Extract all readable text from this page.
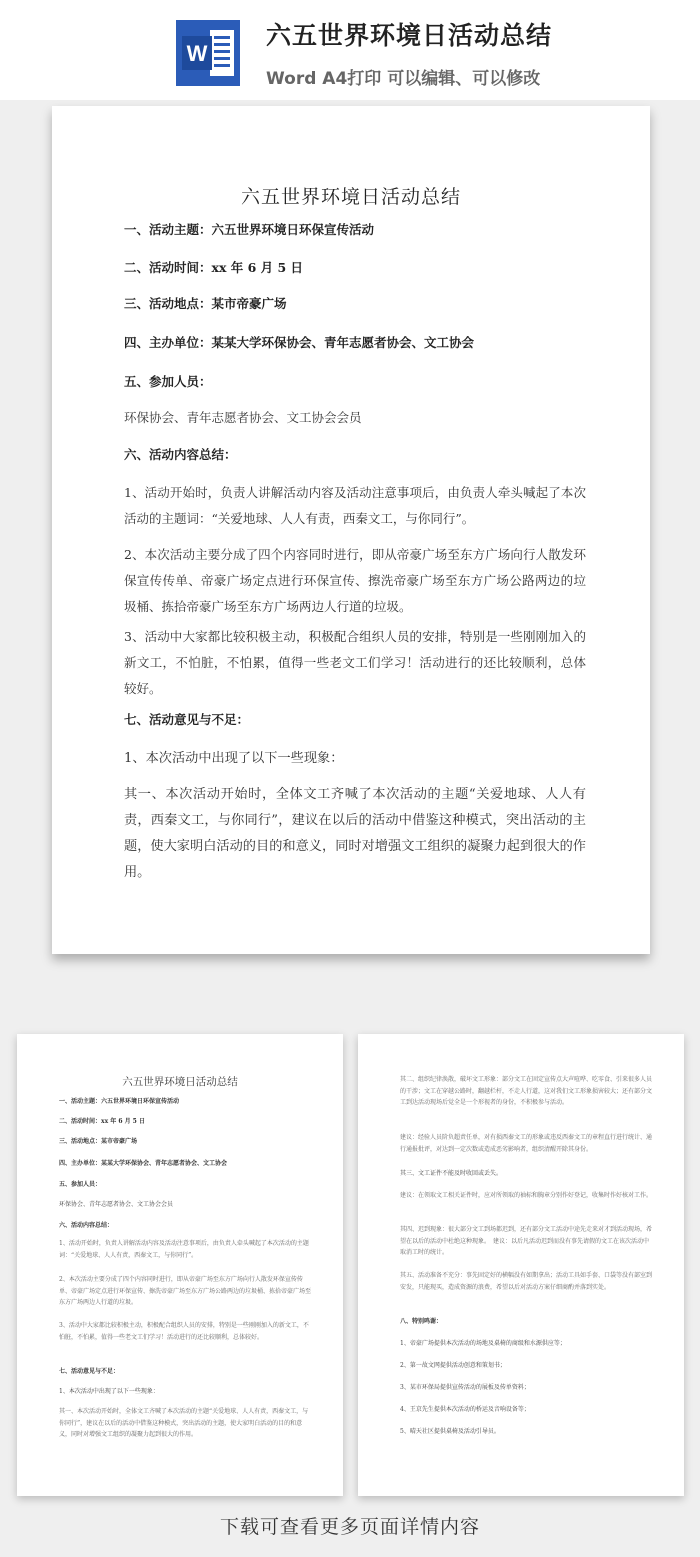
W
六五世界环境日活动总结
Word A4打印 可以编辑、可以修改
六五世界环境日活动总结
一、活动主题：六五世界环境日环保宣传活动
二、活动时间：xx 年 6 月 5 日
三、活动地点：某市帝豪广场
四、主办单位：某某大学环保协会、青年志愿者协会、文工协会
五、参加人员：
环保协会、青年志愿者协会、文工协会会员
六、活动内容总结：
1、活动开始时，负责人讲解活动内容及活动注意事项后，由负责人牵头喊起了本次活动的主题词：“关爱地球、人人有责，西秦文工，与你同行”。
2、本次活动主要分成了四个内容同时进行，即从帝豪广场至东方广场向行人散发环保宣传传单、帝豪广场定点进行环保宣传、擦洗帝豪广场至东方广场公路两边的垃圾桶、拣拾帝豪广场至东方广场两边人行道的垃圾。
3、活动中大家都比较积极主动，积极配合组织人员的安排，特别是一些刚刚加入的新文工，不怕脏，不怕累，值得一些老文工们学习！活动进行的还比较顺利，总体较好。
七、活动意见与不足：
1、本次活动中出现了以下一些现象：
其一、本次活动开始时，全体文工齐喊了本次活动的主题“关爱地球、人人有责，西秦文工，与你同行”，建议在以后的活动中借鉴这种模式，突出活动的主题，使大家明白活动的目的和意义，同时对增强文工组织的凝聚力起到很大的作用。
六五世界环境日活动总结
一、活动主题：六五世界环境日环保宣传活动
二、活动时间：xx 年 6 月 5 日
三、活动地点：某市帝豪广场
四、主办单位：某某大学环保协会、青年志愿者协会、文工协会
五、参加人员：
环保协会、青年志愿者协会、文工协会会员
六、活动内容总结：
1、活动开始时，负责人讲解活动内容及活动注意事项后，由负责人牵头喊起了本次活动的主题词：“关爱地球、人人有责，西秦文工，与你同行”。
2、本次活动主要分成了四个内容同时进行，即从帝豪广场至东方广场向行人散发环保宣传传单、帝豪广场定点进行环保宣传、擦洗帝豪广场至东方广场公路两边的垃圾桶、拣拾帝豪广场至东方广场两边人行道的垃圾。
3、活动中大家都比较积极主动，积极配合组织人员的安排，特别是一些刚刚加入的新文工，不怕脏，不怕累，值得一些老文工们学习！活动进行的还比较顺利，总体较好。
七、活动意见与不足：
1、本次活动中出现了以下一些现象：
其一、本次活动开始时，全体文工齐喊了本次活动的主题“关爱地球、人人有责，西秦文工，与你同行”，建议在以后的活动中借鉴这种模式，突出活动的主题，使大家明白活动的目的和意义，同时对增强文工组织的凝聚力起到很大的作用。
其二、组织纪律涣散，破坏文工形象：部分文工在固定宣传点大声喧哗、吃零食、引来很多人员的干涉；文工在穿越公路时，翻越栏杆，不走人行道，这对我们文工形象损害较大；还有部分文工到达活动现场后觉全是一个形视者的身份，不积极参与活动。
建议：经验人员阶负超责任单，对有损西秦文工的形象或违反西秦文工的章程直行进行统计、通行通报批评，对达到一定次数或造成恶劣影响者，组织清醒开除其身份。
其三、文工证件不能及时收回或丢失。
建议：在领取文工相关证件时，应对所领取的袖标和胸章分别作好登记，收集时作好核对工作。
其四、迟到现象：很大部分文工到场都迟到，还有部分文工活动中途先走来对才到活动现场，希望在以后的活动中杜绝这种现象。　建议：以后凡活动迟到而没有事先请假的文工在该次活动中取消工时的统计。
其五、活动准备不充分：事先固定好的横幅没有如期拿出；活动工具如手套、口袋等没有部室到安发，只能现买，造成资源的浪费，希望以后对活动方案仔细商酌并落到实处。
八、特别鸣谢：
1、帝豪广场提供本次活动的场地及桌椅的商级和水源供应等；
2、第一故文网提供活动创意和策划书；
3、某市环保局提供宣传活动的展板及传单资料；
4、王京先生提供本次活动的桥运及音响设备等；
5、晴天社区提供桌椅及活动引导员。
下载可查看更多页面详情内容
